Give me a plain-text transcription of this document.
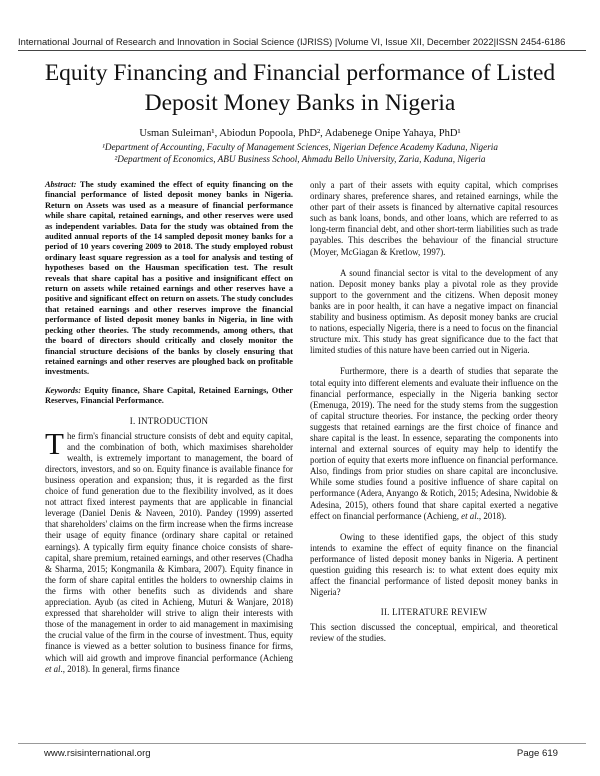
International Journal of Research and Innovation in Social Science (IJRISS) |Volume VI, Issue XII, December 2022|ISSN 2454-6186
Equity Financing and Financial performance of Listed Deposit Money Banks in Nigeria
Usman Suleiman¹, Abiodun Popoola, PhD², Adabenege Onipe Yahaya, PhD¹
¹Department of Accounting, Faculty of Management Sciences, Nigerian Defence Academy Kaduna, Nigeria
²Department of Economics, ABU Business School, Ahmadu Bello University, Zaria, Kaduna, Nigeria

Abstract: The study examined the effect of equity financing on the financial performance of listed deposit money banks in Nigeria. Return on Assets was used as a measure of financial performance while share capital, retained earnings, and other reserves were used as independent variables. Data for the study was obtained from the audited annual reports of the 14 sampled deposit money banks for a period of 10 years covering 2009 to 2018. The study employed robust ordinary least square regression as a tool for analysis and testing of hypotheses based on the Hausman specification test. The result reveals that share capital has a positive and insignificant effect on return on assets while retained earnings and other reserves have a positive and significant effect on return on assets. The study concludes that retained earnings and other reserves improve the financial performance of listed deposit money banks in Nigeria, in line with pecking other theories. The study recommends, among others, that the board of directors should critically and closely monitor the financial structure decisions of the banks by closely ensuring that retained earnings and other reserves are ploughed back on profitable investments.

Keywords: Equity finance, Share Capital, Retained Earnings, Other Reserves, Financial Performance.

I. INTRODUCTION

The firm's financial structure consists of debt and equity capital, and the combination of both, which maximises shareholder wealth, is extremely important to management, the board of directors, investors, and so on. Equity finance is available finance for business operation and expansion; thus, it is regarded as the first choice of fund generation due to the flexibility involved, as it does not attract fixed interest payments that are applicable in financial leverage (Daniel Denis & Naveen, 2010). Pandey (1999) asserted that shareholders' claims on the firm increase when the firms increase their usage of equity finance (ordinary share capital or retained earnings). A typically firm equity finance choice consists of share-capital, share premium, retained earnings, and other reserves (Chadha & Sharma, 2015; Kongmanila & Kimbara, 2007). Equity finance in the form of share capital entitles the holders to ownership claims in the firms with other benefits such as dividends and share appreciation. Ayub (as cited in Achieng, Muturi & Wanjare, 2018) expressed that shareholder will strive to align their interests with those of the management in order to aid management in maximising the crucial value of the firm in the course of investment. Thus, equity finance is viewed as a better solution to business finance for firms, which will aid growth and improve financial performance (Achieng et al., 2018). In general, firms finance

only a part of their assets with equity capital, which comprises ordinary shares, preference shares, and retained earnings, while the other part of their assets is financed by alternative capital resources such as bank loans, bonds, and other loans, which are referred to as long-term financial debt, and other short-term liabilities such as trade payables. This describes the behaviour of the financial structure (Moyer, McGiagan & Kretlow, 1997).

A sound financial sector is vital to the development of any nation. Deposit money banks play a pivotal role as they provide support to the government and the citizens. When deposit money banks are in poor health, it can have a negative impact on financial stability and business optimism. As deposit money banks are crucial to nations, especially Nigeria, there is a need to focus on the financial structure mix. This study has great significance due to the fact that limited studies of this nature have been carried out in Nigeria.

Furthermore, there is a dearth of studies that separate the total equity into different elements and evaluate their influence on the financial performance, especially in the Nigeria banking sector (Emenuga, 2019). The need for the study stems from the suggestion of capital structure theories. For instance, the pecking order theory suggests that retained earnings are the first choice of finance and share capital is the least. In essence, separating the components into internal and external sources of equity may help to identify the portion of equity that exerts more influence on financial performance. Also, findings from prior studies on share capital are inconclusive. While some studies found a positive influence of share capital on performance (Adera, Anyango & Rotich, 2015; Adesina, Nwidobie & Adesina, 2015), others found that share capital exerted a negative effect on financial performance (Achieng, et al., 2018).

Owing to these identified gaps, the object of this study intends to examine the effect of equity finance on the financial performance of listed deposit money banks in Nigeria. A pertinent question guiding this research is: to what extent does equity mix affect the financial performance of listed deposit money banks in Nigeria?

II. LITERATURE REVIEW

This section discussed the conceptual, empirical, and theoretical review of the studies.

www.rsisinternational.org	Page 619
